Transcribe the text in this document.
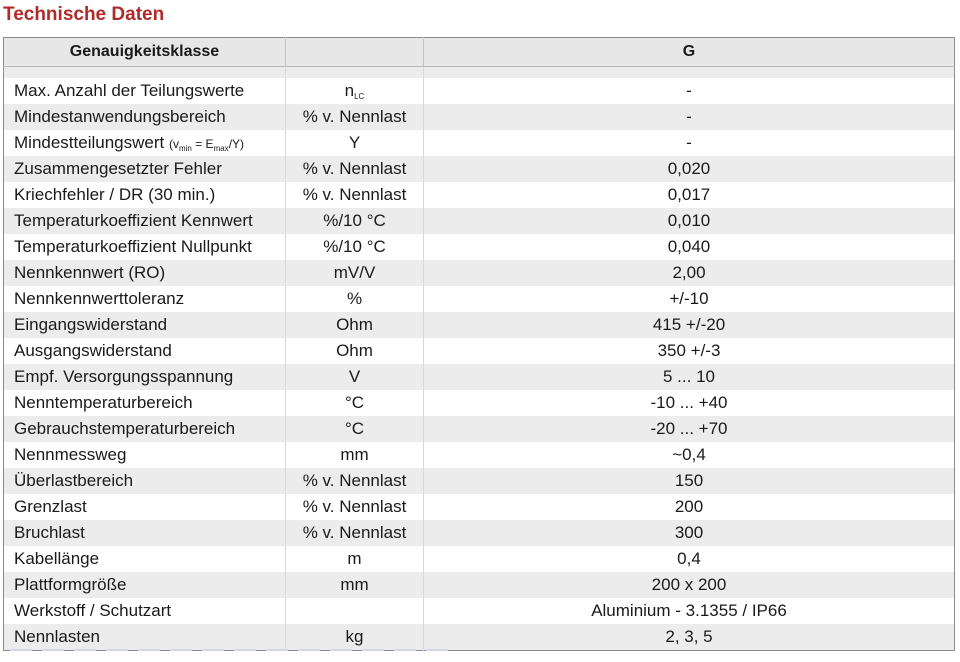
Technische Daten
Genauigkeitsklasse		G

Max. Anzahl der Teilungswerte	$n_{LC}$	-
Mindestanwendungsbereich	% v. Nennlast	-
Mindestteilungswert $(v_{min} = E_{max}/Y)$	Y	-
Zusammengesetzter Fehler	% v. Nennlast	0,020
Kriechfehler / DR (30 min.)	% v. Nennlast	0,017
Temperaturkoeffizient Kennwert	%/10 °C	0,010
Temperaturkoeffizient Nullpunkt	%/10 °C	0,040
Nennkennwert (RO)	mV/V	2,00
Nennkennwerttoleranz	%	+/-10
Eingangswiderstand	Ohm	415 +/-20
Ausgangswiderstand	Ohm	350 +/-3
Empf. Versorgungsspannung	V	5 ... 10
Nenntemperaturbereich	°C	-10 ... +40
Gebrauchstemperaturbereich	°C	-20 ... +70
Nennmessweg	mm	~0,4
Überlastbereich	% v. Nennlast	150
Grenzlast	% v. Nennlast	200
Bruchlast	% v. Nennlast	300
Kabellänge	m	0,4
Plattformgröße	mm	200 x 200
Werkstoff / Schutzart		Aluminium - 3.1355 / IP66
Nennlasten	kg	2, 3, 5
